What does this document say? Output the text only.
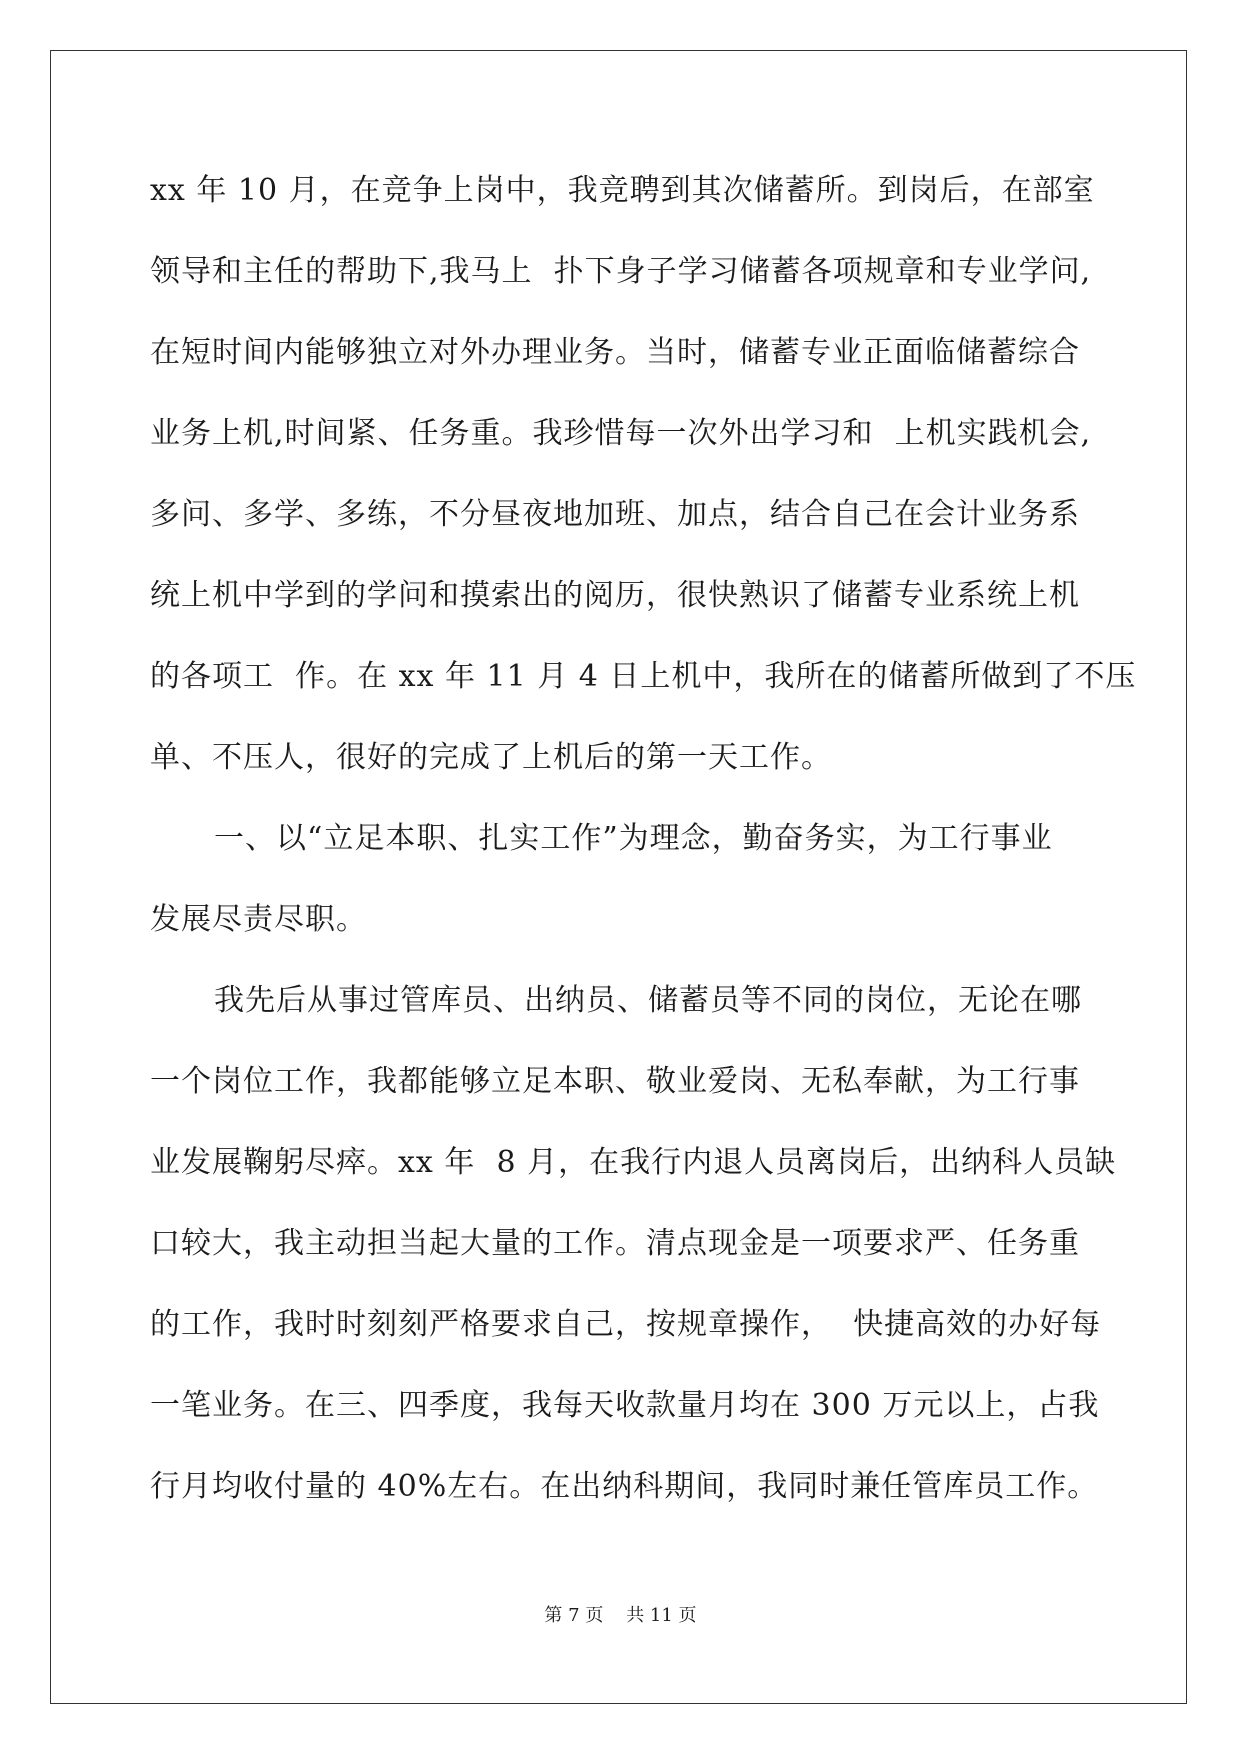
xx 年 10 月，在竞争上岗中，我竞聘到其次储蓄所。到岗后，在部室
领导和主任的帮助下,我马上  扑下身子学习储蓄各项规章和专业学问,
在短时间内能够独立对外办理业务。当时，储蓄专业正面临储蓄综合
业务上机,时间紧、任务重。我珍惜每一次外出学习和  上机实践机会,
多问、多学、多练，不分昼夜地加班、加点，结合自己在会计业务系
统上机中学到的学问和摸索出的阅历，很快熟识了储蓄专业系统上机
的各项工  作。在 xx 年 11 月 4 日上机中，我所在的储蓄所做到了不压
单、不压人，很好的完成了上机后的第一天工作。
一、以“立足本职、扎实工作”为理念，勤奋务实，为工行事业
发展尽责尽职。
我先后从事过管库员、出纳员、储蓄员等不同的岗位，无论在哪
一个岗位工作，我都能够立足本职、敬业爱岗、无私奉献，为工行事
业发展鞠躬尽瘁。xx 年  8 月，在我行内退人员离岗后，出纳科人员缺
口较大，我主动担当起大量的工作。清点现金是一项要求严、任务重
的工作，我时时刻刻严格要求自己，按规章操作，  快捷高效的办好每
一笔业务。在三、四季度，我每天收款量月均在 300 万元以上，占我
行月均收付量的 40%左右。在出纳科期间，我同时兼任管库员工作。
第 7 页    共 11 页
